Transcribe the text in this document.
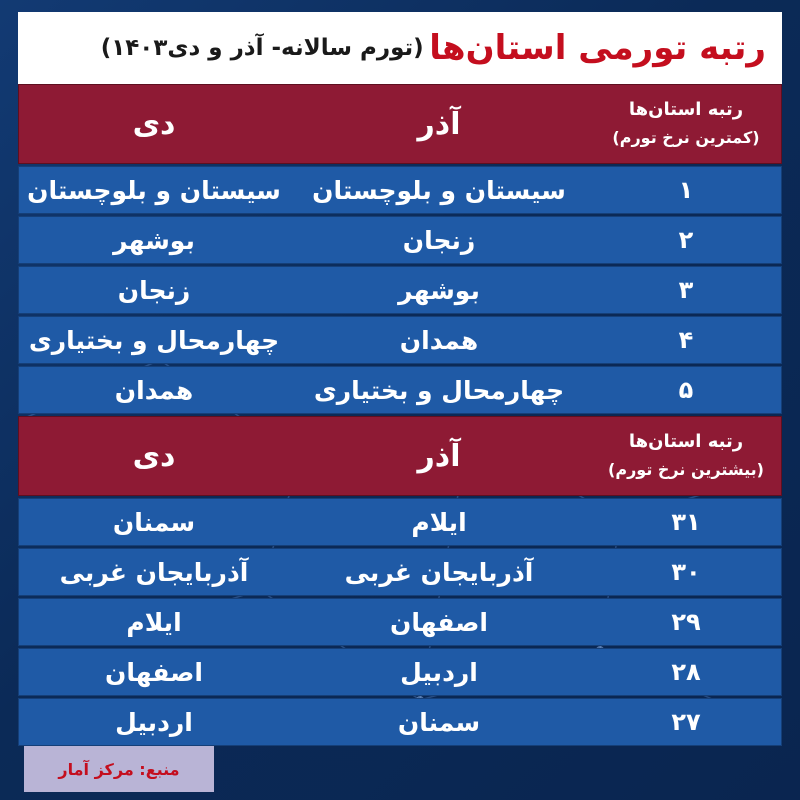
رتبه تورمی استان‌ها (تورم سالانه- آذر و دی۱۴۰۳)
دی	آذر	رتبه استان‌ها
(کمترین نرخ تورم)
سیستان و بلوچستان	سیستان و بلوچستان	۱
بوشهر	زنجان	۲
زنجان	بوشهر	۳
چهارمحال و بختیاری	همدان	۴
همدان	چهارمحال و بختیاری	۵
دی	آذر	رتبه استان‌ها
(بیشترین نرخ تورم)
سمنان	ایلام	۳۱
آذربایجان غربی	آذربایجان غربی	۳۰
ایلام	اصفهان	۲۹
اصفهان	اردبیل	۲۸
اردبیل	سمنان	۲۷
منبع: مرکز آمار
